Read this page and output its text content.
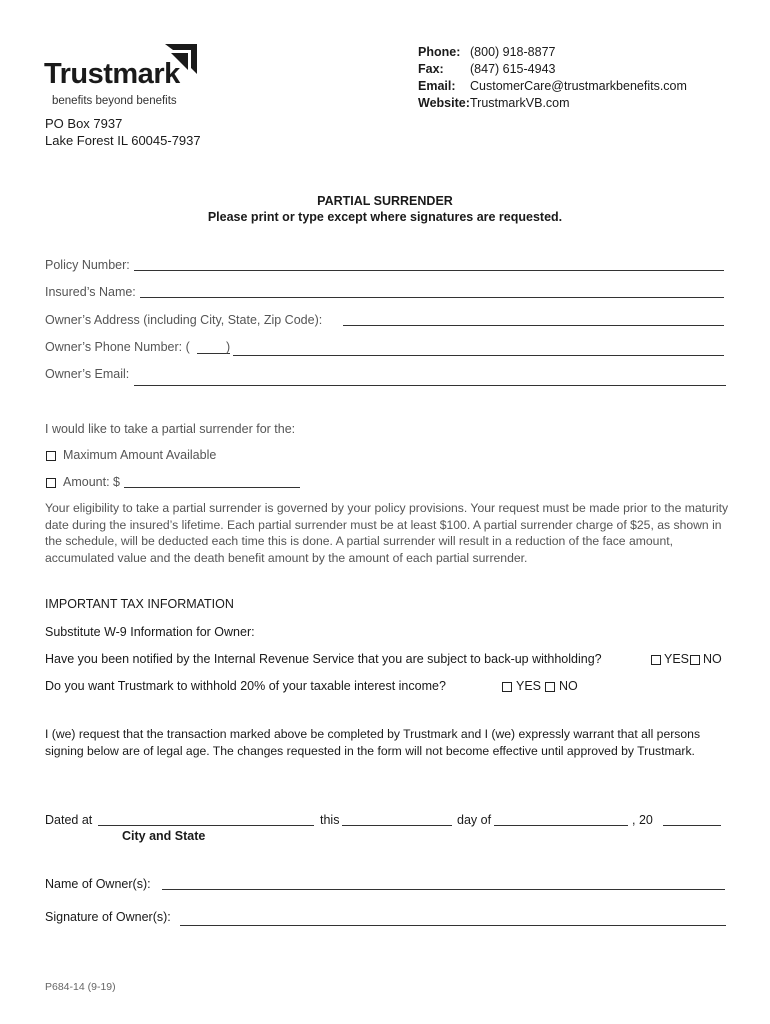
Trustmark
benefits beyond benefits
PO Box 7937
Lake Forest IL 60045-7937
Phone: (800) 918-8877
Fax: (847) 615-4943
Email: CustomerCare@trustmarkbenefits.com
Website:TrustmarkVB.com
PARTIAL SURRENDER
Please print or type except where signatures are requested.
Policy Number:
Insured’s Name:
Owner’s Address (including City, State, Zip Code):
Owner’s Phone Number: (	)
Owner’s Email:
I would like to take a partial surrender for the:
Maximum Amount Available
Amount: $
Your eligibility to take a partial surrender is governed by your policy provisions. Your request must be made prior to the maturity date during the insured’s lifetime. Each partial surrender must be at least $100. A partial surrender charge of $25, as shown in the schedule, will be deducted each time this is done. A partial surrender will result in a reduction of the face amount, accumulated value and the death benefit amount by the amount of each partial surrender.
IMPORTANT TAX INFORMATION
Substitute W-9 Information for Owner:
Have you been notified by the Internal Revenue Service that you are subject to back-up withholding?	YES NO
Do you want Trustmark to withhold 20% of your taxable interest income?	YES NO
I (we) request that the transaction marked above be completed by Trustmark and I (we) expressly warrant that all persons signing below are of legal age. The changes requested in the form will not become effective until approved by Trustmark.
Dated at	this	day of	, 20
City and State
Name of Owner(s):
Signature of Owner(s):
P684-14 (9-19)
